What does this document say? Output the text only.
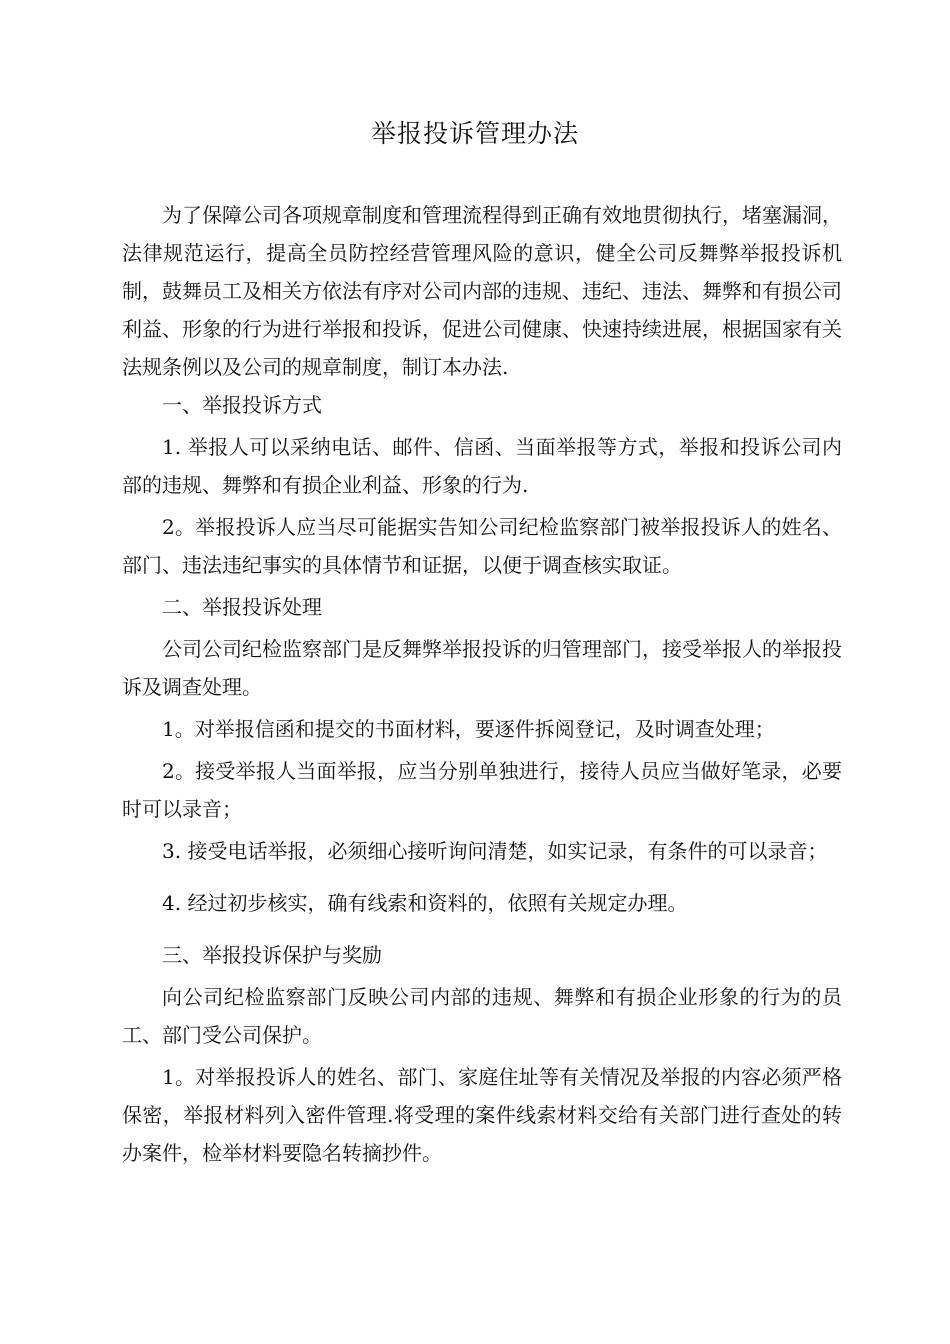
举报投诉管理办法

为了保障公司各项规章制度和管理流程得到正确有效地贯彻执行，堵塞漏洞，法律规范运行，提高全员防控经营管理风险的意识，健全公司反舞弊举报投诉机制，鼓舞员工及相关方依法有序对公司内部的违规、违纪、违法、舞弊和有损公司利益、形象的行为进行举报和投诉，促进公司健康、快速持续进展，根据国家有关法规条例以及公司的规章制度，制订本办法.

一、举报投诉方式

1. 举报人可以采纳电话、邮件、信函、当面举报等方式，举报和投诉公司内部的违规、舞弊和有损企业利益、形象的行为.

2。举报投诉人应当尽可能据实告知公司纪检监察部门被举报投诉人的姓名、部门、违法违纪事实的具体情节和证据，以便于调查核实取证。

二、举报投诉处理

公司公司纪检监察部门是反舞弊举报投诉的归管理部门，接受举报人的举报投诉及调查处理。

1。对举报信函和提交的书面材料，要逐件拆阅登记，及时调查处理；

2。接受举报人当面举报，应当分别单独进行，接待人员应当做好笔录，必要时可以录音；

3. 接受电话举报，必须细心接听询问清楚，如实记录，有条件的可以录音；

4. 经过初步核实，确有线索和资料的，依照有关规定办理。

三、举报投诉保护与奖励

向公司纪检监察部门反映公司内部的违规、舞弊和有损企业形象的行为的员工、部门受公司保护。

1。对举报投诉人的姓名、部门、家庭住址等有关情况及举报的内容必须严格保密，举报材料列入密件管理.将受理的案件线索材料交给有关部门进行查处的转办案件，检举材料要隐名转摘抄件。
